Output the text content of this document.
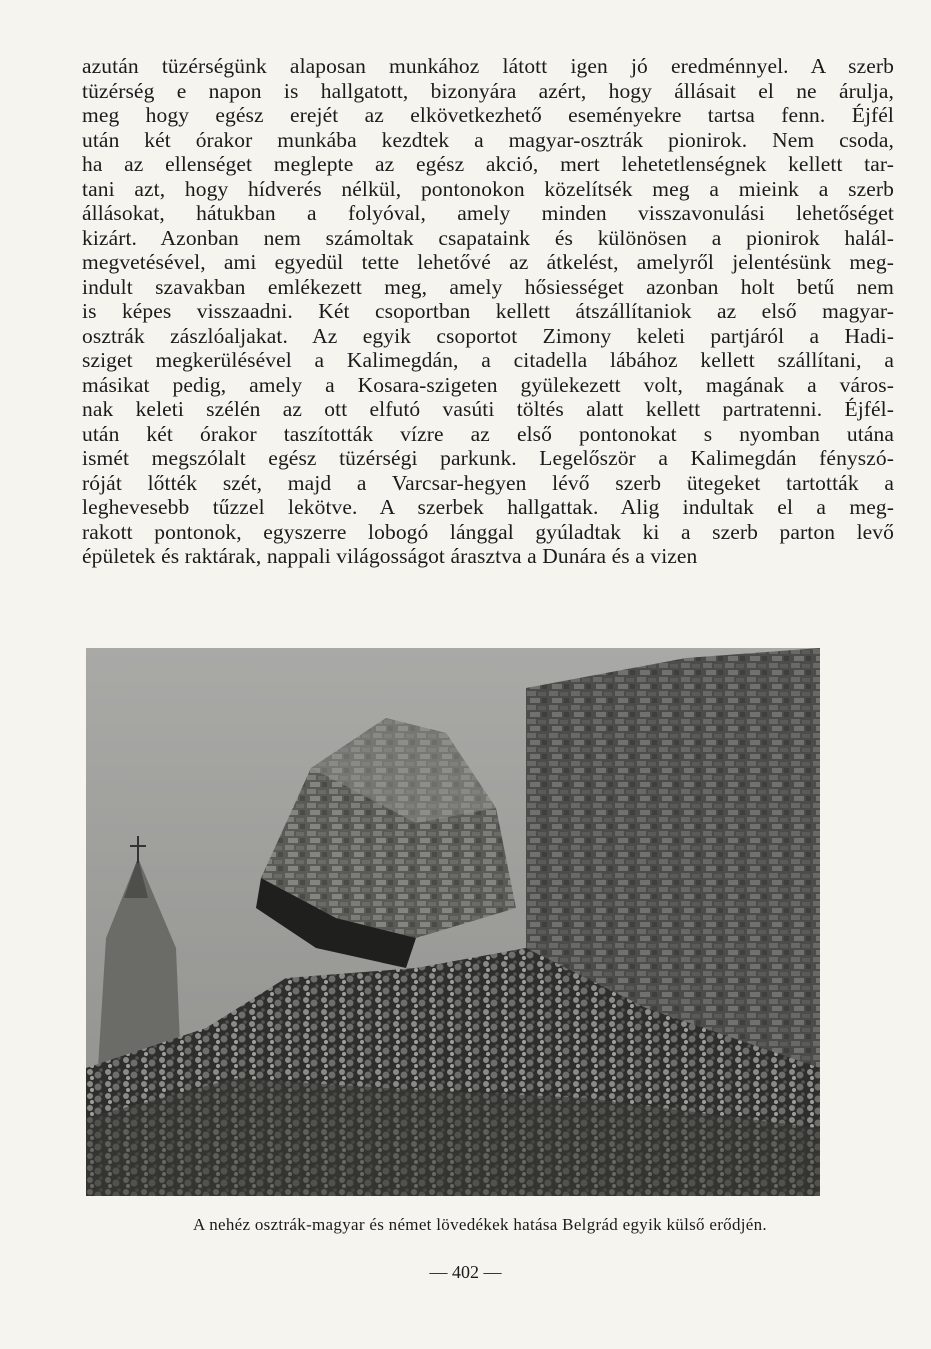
azután tüzérségünk alaposan munkához látott igen jó eredménnyel. A szerb
tüzérség e napon is hallgatott, bizonyára azért, hogy állásait el ne árulja,
meg hogy egész erejét az elkövetkezhető eseményekre tartsa fenn. Éjfél
után két órakor munkába kezdtek a magyar-osztrák pionirok. Nem csoda,
ha az ellenséget meglepte az egész akció, mert lehetetlenségnek kellett tar-
tani azt, hogy hídverés nélkül, pontonokon közelítsék meg a mieink a szerb
állásokat, hátukban a folyóval, amely minden visszavonulási lehetőséget
kizárt. Azonban nem számoltak csapataink és különösen a pionirok halál-
megvetésével, ami egyedül tette lehetővé az átkelést, amelyről jelentésünk meg-
indult szavakban emlékezett meg, amely hősiességet azonban holt betű nem
is képes visszaadni. Két csoportban kellett átszállítaniok az első magyar-
osztrák zászlóaljakat. Az egyik csoportot Zimony keleti partjáról a Hadi-
sziget megkerülésével a Kalimegdán, a citadella lábához kellett szállítani, a
másikat pedig, amely a Kosara-szigeten gyülekezett volt, magának a város-
nak keleti szélén az ott elfutó vasúti töltés alatt kellett partratenni. Éjfél-
után két órakor taszították vízre az első pontonokat s nyomban utána
ismét megszólalt egész tüzérségi parkunk. Legelőször a Kalimegdán fényszó-
róját lőtték szét, majd a Varcsar-hegyen lévő szerb ütegeket tartották a
leghevesebb tűzzel lekötve. A szerbek hallgattak. Alig indultak el a meg-
rakott pontonok, egyszerre lobogó lánggal gyúladtak ki a szerb parton levő
épületek és raktárak, nappali világosságot árasztva a Dunára és a vizen
A nehéz osztrák-magyar és német lövedékek hatása Belgrád egyik külső erődjén.
— 402 —
